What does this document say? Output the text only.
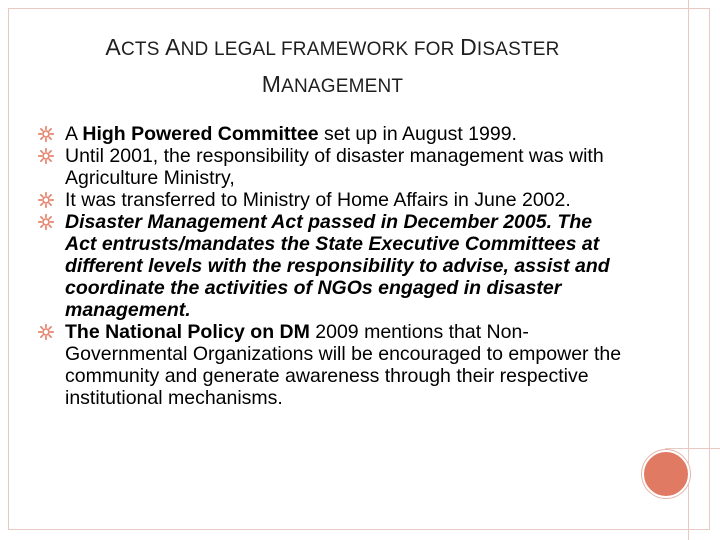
ACTS AND LEGAL FRAMEWORK FOR DISASTER
MANAGEMENT
A High Powered Committee set up in August 1999.
Until 2001, the responsibility of disaster management was with Agriculture Ministry,
It was transferred to Ministry of Home Affairs in June 2002.
Disaster Management Act passed in December 2005. The Act entrusts/mandates the State Executive Committees at different levels with the responsibility to advise, assist and coordinate the activities of NGOs engaged in disaster management.
The National Policy on DM 2009 mentions that Non-Governmental Organizations will be encouraged to empower the community and generate awareness through their respective institutional mechanisms.
